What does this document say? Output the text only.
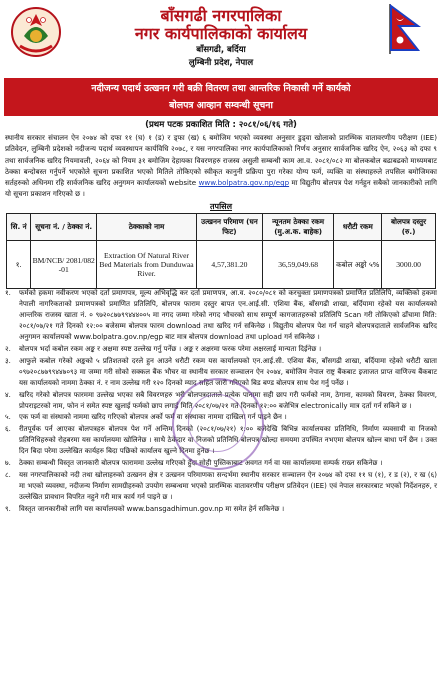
बाँसगढी नगरपालिका
नगर कार्यपालिकाको कार्यालय
बाँसगढी, बर्दिया
लुम्बिनी प्रदेश, नेपाल
नदीजन्य पदार्थ उत्खनन गरी बक्री वितरण तथा आन्तरिक निकासी गर्ने कार्यको
बोलपत्र आव्हान सम्वन्धी सूचना
(प्रथम पटक प्रकाशित मिति : २०८१/०६/१६ गते)
स्थानीय सरकार संचालन ऐन २०७४ को दफा ११ (घ) १ (ड) र ड्फा (ख) ६ बमोजिम भएको व्यवस्था अनुसार डुड्वा खोलाको प्रारम्भिक वातावरणीय परीक्षण (IEE) प्रतिवेदन, लुम्बिनी प्रदेशको नदीजन्य पदार्थ व्यवस्थापन कार्यविधि २०७८, र यस नगरपालिका नगर कार्यपालिकाको निर्णय अनुसार सार्वजनिक खरिद ऐन, २०६३ को दफा ९ तथा सार्वजनिक खरिद नियमावली, २०६४ को नियम ३१ बमोजिम देहायका विवरणहरु राजस्व असुली सम्बन्धी काम आ.व. २०८१/०८२ मा बोलकबोल बढाबढको माध्यमबाट ठेक्का बन्दोबस्त गर्नुपर्ने भएकोले सूचना प्रकाशित भएको मितिले तोकिएको स्वीकृत कानुनी प्रक्रिया पुरा गरेका योग्य फर्म, व्यक्ति वा संस्थाहरुले तपसिल बमोजिमका सर्तहरुको अधिनमा रहि सार्वजनिक खरिद अनुगमन कार्यालयको website www.bolpatra.gov.np/egp मा विद्युतीय बोलपत्र पेश गर्नहुन सबैको जानकारीको लागि यो सूचना प्रकाशन गरिएको छ ।
तपसिल
सि. नं	सूचना नं. / ठेक्का नं.	ठेक्काको नाम	उत्खनन परिमाण (घन फिट)	न्यूनतम ठेक्का रकम (मु.अ.क. बाहेक)	धरौटी रकम	बोलपत्र दस्तुर (रु.)
१.	BM/NCB/ 2081/082 -01	Extraction Of Natural River Bed Materials from Dunduwaa River.	4,57,381.20	36,59,049.68	कबोल अङ्को ५%	3000.00
१. फर्मको हकमा नवीकरण भएको दर्ता प्रमाणपत्र, मूल्य अभिवृद्धि कर दर्ता प्रमाणपत्र, आ.व. २०८०/०८१ को करचुक्ता प्रमाणपत्रको प्रमाणित प्रतिलिपि, व्यक्तिको हकमा नेपाली नागरिकताको प्रमाणपत्रको प्रमाणित प्रतिलिपि, बोलपत्र फाराम दस्तुर बापत एन.आई.सी. एशिया बैंक, बाँसगढी शाखा, बर्दियामा रहेको यस कार्यालयको आन्तरिक राजस्व खाता नं. ० ९७२०८७७९९४४४००५ मा नगद जम्मा गरेको नगद भौचरको साथ सम्पूर्ण कागजातहरुको प्रतिलिपि Scan गरी तोकिएको ढाँचामा मिति: २०८१/०७/२१ गते दिनको १२:०० बजेसम्म बोलपत्र फारम download तथा खरिद गर्न सकिनेछ । विद्युतीय बोलपत्र पेश गर्न चाहने बोलपत्रदाताले सार्वजनिक खरिद अनुगमन कार्यालयको www.bolpatra.gov.np/egp बाट मात्र बोलपत्र download तथा upload गर्न सकिनेछ ।
२. बोलपत्र भर्दा कबोल रकम अङ्क र अक्षमा स्पष्ट उल्लेख गर्नु पर्नेछ । अङ्क र अक्षरमा फरक परेमा अक्षरलाई मान्यता दिईनेछ ।
३. आफुले कबोल गरेको अङ्कको ५ प्रतिशतको दरले हुन आउने धरौटी रकम यस कार्यालयको एन.आई.सी. एशिया बैंक, बाँसगढी शाखा, बर्दियामा रहेको धरौटी खाता ०९७२०८७७९९४४७०९३ मा जम्मा गरी सोको सक्कल बैंक भौचर वा स्थानीय सरकार सञ्चालन ऐन २०७४, बमोजिम नेपाल राष्ट्र बैंकबाट इजाजत प्राप्त वाणिज्य बैंकबाट यस कार्यालयको नाममा ठेक्का नं. र नाम उल्लेख गरी १२० दिनको म्याद सहित जारी गरिएको बिड बण्ड बोलपत्र साथ पेश गर्नु पर्नेछ ।
४. खरिद गरेको बोलपत्र फारममा उल्लेख भएका सबै विवरणहरु भरी बोलपत्रदाताले प्रत्येक पानामा सही छाप गरी फर्मको नाम, ठेगाना, कामको विवरण, ठेक्का विवरण, प्रोपराइटरको नाम, फोन नं समेत स्पष्ट खुलाई फर्मको छाप लगाई मिति २०८१/०७/२१ गते दिनको १२:०० बजेभित्र electronically मात्र दर्ता गर्न सकिने छ ।
५. एक फर्म वा संस्थाको नाममा खरिद गरिएको बोलपत्र अर्को फर्म वा संस्थाका नाममा दाखिला गर्न पाइने छैन ।
६. रीतपूर्वक पर्न आएका बोलपत्रहरु बोलपत्र पेश गर्ने अन्तिम दिनको (२०८१/०७/२१) १:०० बजेदेखि बिभिन्न कार्यालयका प्रतिनिधि, निर्माण व्यवसायी वा निजको प्रतिनिधिहरुको रोहबरमा यस कार्यालयमा खोलिनेछ । साथै ठेकेदार वा निजको प्रतिनिधि बोलपत्र खोल्दा समयमा उपस्थित नभएमा बोलपत्र खोल्न बाधा पर्ने छैन । उक्त दिन बिदा परेमा उल्लेखित कार्यहरु बिदा पछिको कार्यालय खुल्ने दिनमा हुनेछ ।
७. ठेक्का सम्बन्धी विस्तृत जानकारी बोलपत्र फाराममा उल्लेख गरिएको हुँदा सोही पुस्तिकाबाट अवगत गर्न वा यस कार्यालयमा सम्पर्क राख्न सकिनेछ ।
८. यस नगरपालिकाको नदी तथा खोलाहरुको उत्खनन क्षेत्र र उत्खनन परिमाणका सन्दर्भमा स्थानीय सरकार सञ्चालन ऐन २०७४ को दफा ११ घ (१), र ड (२), र ख (६) मा भएको व्यवस्था, नदीजन्य निर्माण सामग्रीहरुको उपयोग सम्बन्धमा भएको प्रारम्भिक वातावरणीय परीक्षण प्रतिवेदन (IEE) एवं नेपाल सरकारबाट भएको निर्देशनहरु, र उल्लेखित प्रावधान विपरित नहुने गरी मात्र कार्य गर्न पाइने छ ।
९. विस्तृत जानकारीको लागि यस कार्यालयको www.bansgadhimun.gov.np मा समेत हेर्न सकिनेछ ।
